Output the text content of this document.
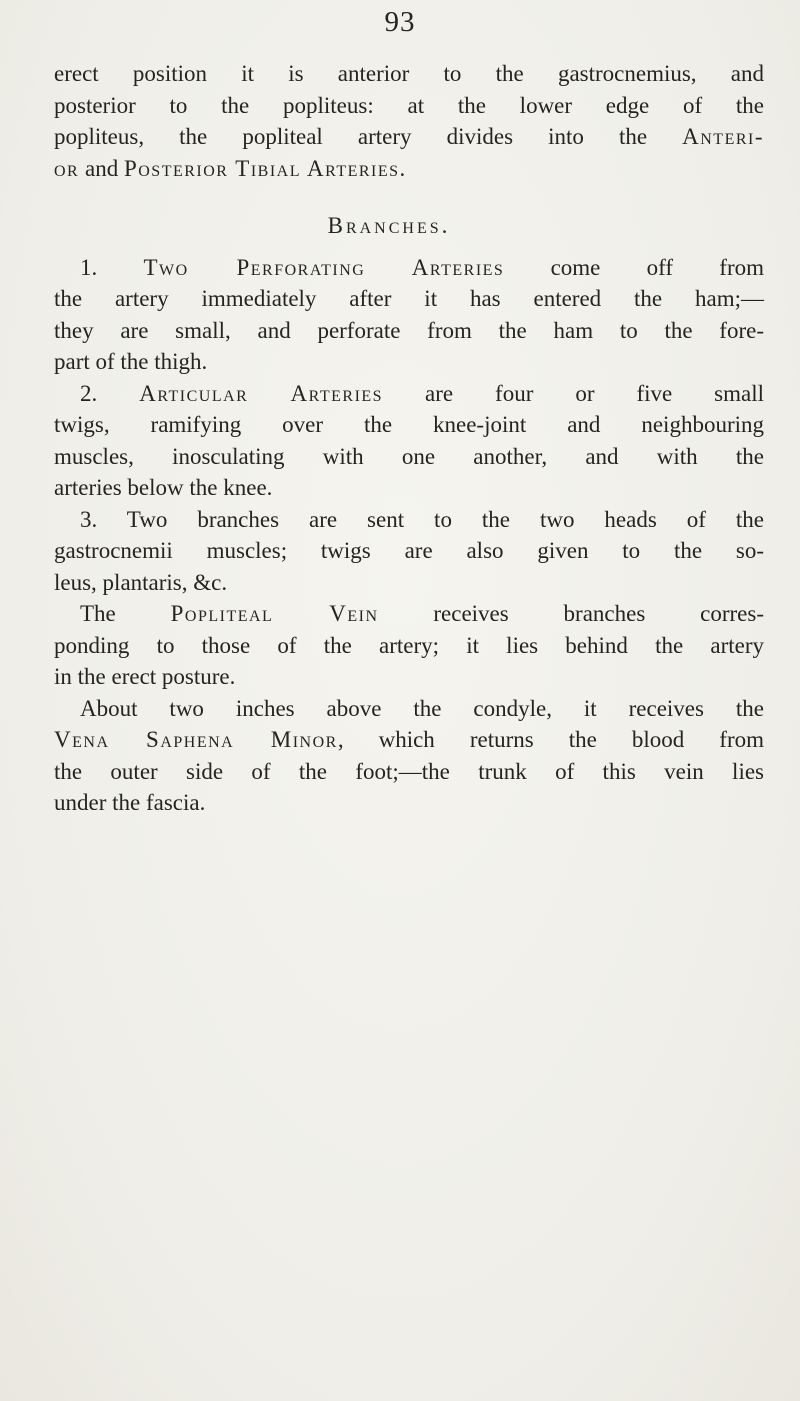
93
erect position it is anterior to the gastrocnemius, and
posterior to the popliteus: at the lower edge of the
popliteus, the popliteal artery divides into the Anteri-
or and Posterior Tibial Arteries.
Branches.
1. Two Perforating Arteries come off from
the artery immediately after it has entered the ham;—
they are small, and perforate from the ham to the fore-
part of the thigh.
2. Articular Arteries are four or five small
twigs, ramifying over the knee-joint and neighbouring
muscles, inosculating with one another, and with the
arteries below the knee.
3. Two branches are sent to the two heads of the
gastrocnemii muscles; twigs are also given to the so-
leus, plantaris, &c.
The Popliteal Vein receives branches corres-
ponding to those of the artery; it lies behind the artery
in the erect posture.
About two inches above the condyle, it receives the
Vena Saphena Minor, which returns the blood from
the outer side of the foot;—the trunk of this vein lies
under the fascia.
